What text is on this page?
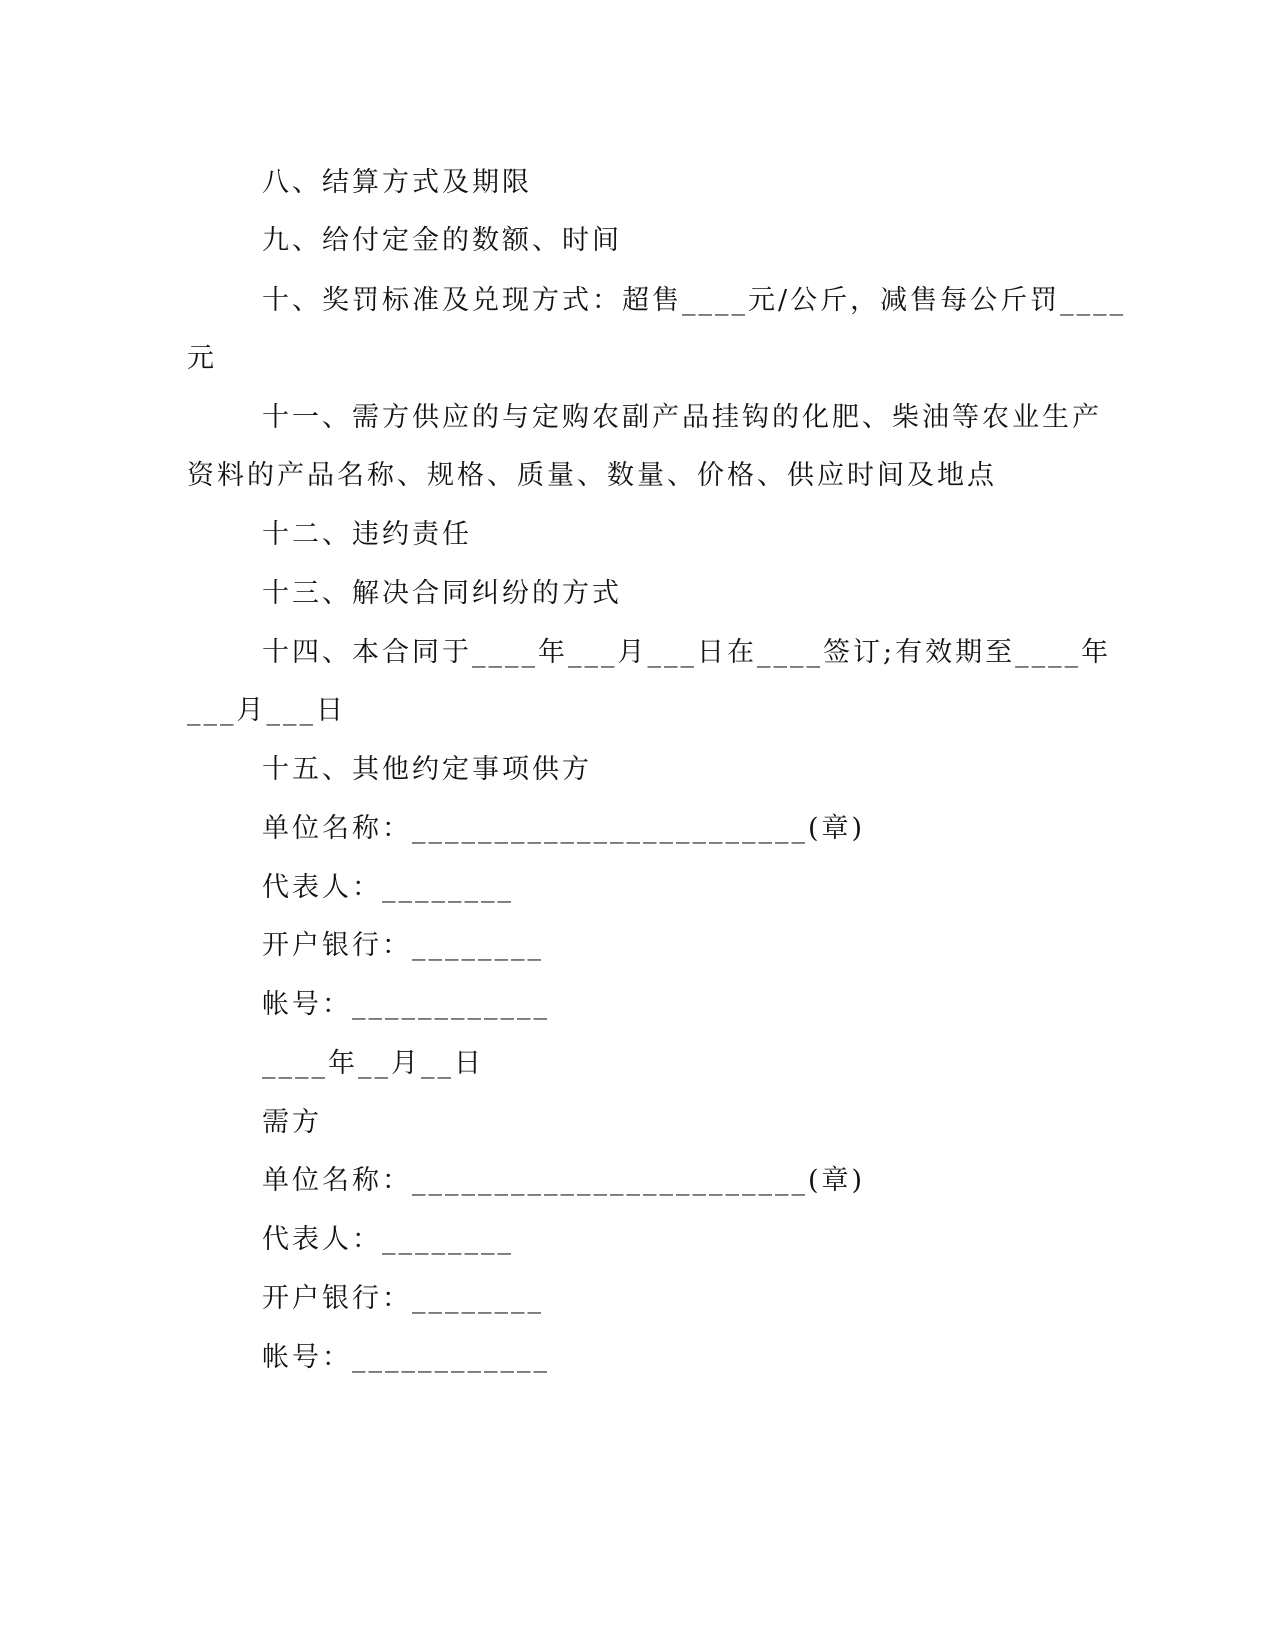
八、结算方式及期限
九、给付定金的数额、时间
十、奖罚标准及兑现方式：超售____元/公斤，减售每公斤罚____
元
十一、需方供应的与定购农副产品挂钩的化肥、柴油等农业生产
资料的产品名称、规格、质量、数量、价格、供应时间及地点
十二、违约责任
十三、解决合同纠纷的方式
十四、本合同于____年___月___日在____签订;有效期至____年
___月___日
十五、其他约定事项供方
单位名称：________________________(章)
代表人：________
开户银行：________
帐号：____________
____年__月__日
需方
单位名称：________________________(章)
代表人：________
开户银行：________
帐号：____________
